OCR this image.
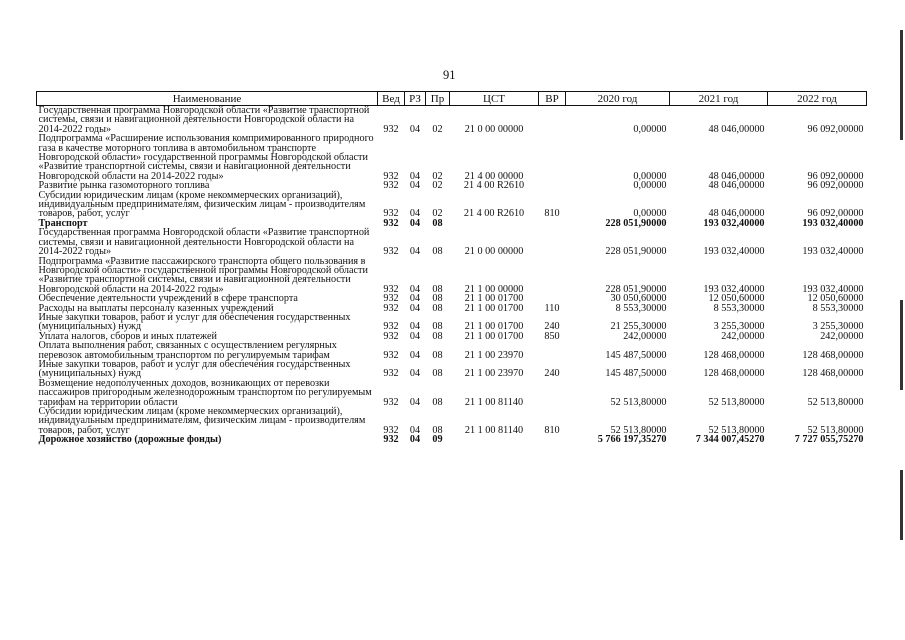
91
Наименование	Вед	РЗ	Пр	ЦСТ	ВР	2020 год	2021 год	2022 год
Государственная программа Новгородской области «Развитие транспортной системы, связи и навигационной деятельности Новгородской области на 2014-2022 годы»	932	04	02	21 0 00 00000		0,00000	48 046,00000	96 092,00000
Подпрограмма «Расширение использования компримированного природного газа в качестве моторного топлива в автомобильном транспорте Новгородской области» государственной программы Новгородской области «Развитие транспортной системы, связи и навигационной деятельности Новгородской области на 2014-2022 годы»	932	04	02	21 4 00 00000		0,00000	48 046,00000	96 092,00000
Развитие рынка газомоторного топлива	932	04	02	21 4 00 R2610		0,00000	48 046,00000	96 092,00000
Субсидии юридическим лицам (кроме некоммерческих организаций), индивидуальным предпринимателям, физическим лицам - производителям товаров, работ, услуг	932	04	02	21 4 00 R2610	810	0,00000	48 046,00000	96 092,00000
Транспорт	932	04	08			228 051,90000	193 032,40000	193 032,40000
Государственная программа Новгородской области «Развитие транспортной системы, связи и навигационной деятельности Новгородской области на 2014-2022 годы»	932	04	08	21 0 00 00000		228 051,90000	193 032,40000	193 032,40000
Подпрограмма «Развитие пассажирского транспорта общего пользования в Новгородской области» государственной программы Новгородской области «Развитие транспортной системы, связи и навигационной деятельности Новгородской области на 2014-2022 годы»	932	04	08	21 1 00 00000		228 051,90000	193 032,40000	193 032,40000
Обеспечение деятельности учреждений в сфере транспорта	932	04	08	21 1 00 01700		30 050,60000	12 050,60000	12 050,60000
Расходы на выплаты персоналу казенных учреждений	932	04	08	21 1 00 01700	110	8 553,30000	8 553,30000	8 553,30000
Иные закупки товаров, работ и услуг для обеспечения государственных (муниципальных) нужд	932	04	08	21 1 00 01700	240	21 255,30000	3 255,30000	3 255,30000
Уплата налогов, сборов и иных платежей	932	04	08	21 1 00 01700	850	242,00000	242,00000	242,00000
Оплата выполнения работ, связанных с осуществлением регулярных перевозок автомобильным транспортом по регулируемым тарифам	932	04	08	21 1 00 23970		145 487,50000	128 468,00000	128 468,00000
Иные закупки товаров, работ и услуг для обеспечения государственных (муниципальных) нужд	932	04	08	21 1 00 23970	240	145 487,50000	128 468,00000	128 468,00000
Возмещение недополученных доходов, возникающих от перевозки пассажиров пригородным железнодорожным транспортом по регулируемым тарифам на территории области	932	04	08	21 1 00 81140		52 513,80000	52 513,80000	52 513,80000
Субсидии юридическим лицам (кроме некоммерческих организаций), индивидуальным предпринимателям, физическим лицам - производителям товаров, работ, услуг	932	04	08	21 1 00 81140	810	52 513,80000	52 513,80000	52 513,80000
Дорожное хозяйство (дорожные фонды)	932	04	09			5 766 197,35270	7 344 007,45270	7 727 055,75270
